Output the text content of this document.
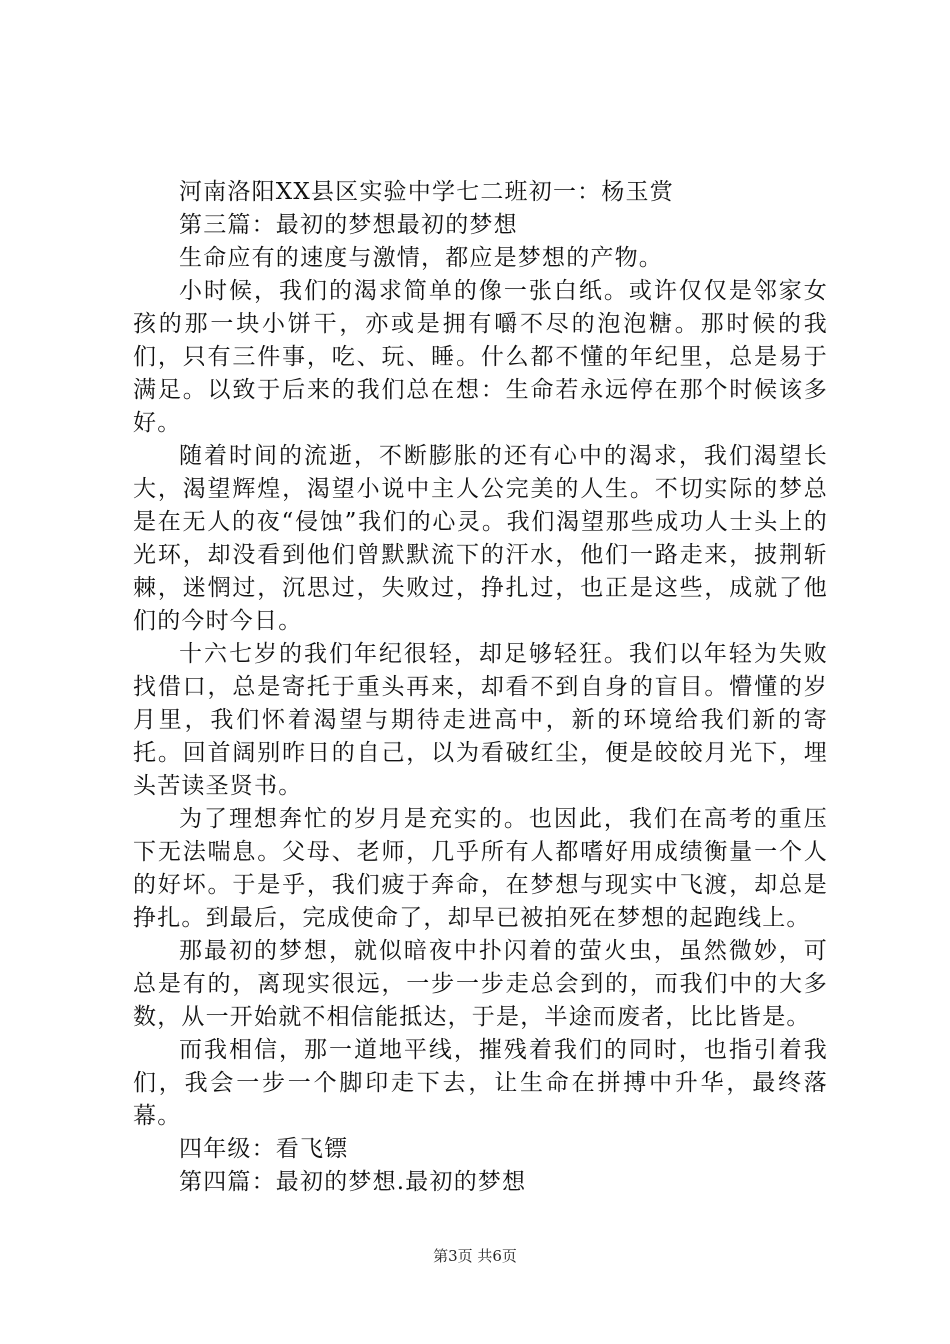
河南洛阳XX县区实验中学七二班初一：杨玉赏

第三篇：最初的梦想最初的梦想

生命应有的速度与激情，都应是梦想的产物。

小时候，我们的渴求简单的像一张白纸。或许仅仅是邻家女孩的那一块小饼干，亦或是拥有嚼不尽的泡泡糖。那时候的我们，只有三件事，吃、玩、睡。什么都不懂的年纪里，总是易于满足。以致于后来的我们总在想：生命若永远停在那个时候该多好。

随着时间的流逝，不断膨胀的还有心中的渴求，我们渴望长大，渴望辉煌，渴望小说中主人公完美的人生。不切实际的梦总是在无人的夜“侵蚀”我们的心灵。我们渴望那些成功人士头上的光环，却没看到他们曾默默流下的汗水，他们一路走来，披荆斩棘，迷惘过，沉思过，失败过，挣扎过，也正是这些，成就了他们的今时今日。

十六七岁的我们年纪很轻，却足够轻狂。我们以年轻为失败找借口，总是寄托于重头再来，却看不到自身的盲目。懵懂的岁月里，我们怀着渴望与期待走进高中，新的环境给我们新的寄托。回首阔别昨日的自己，以为看破红尘，便是皎皎月光下，埋头苦读圣贤书。

为了理想奔忙的岁月是充实的。也因此，我们在高考的重压下无法喘息。父母、老师，几乎所有人都嗜好用成绩衡量一个人的好坏。于是乎，我们疲于奔命，在梦想与现实中飞渡，却总是挣扎。到最后，完成使命了，却早已被拍死在梦想的起跑线上。

那最初的梦想，就似暗夜中扑闪着的萤火虫，虽然微妙，可总是有的，离现实很远，一步一步走总会到的，而我们中的大多数，从一开始就不相信能抵达，于是，半途而废者，比比皆是。

而我相信，那一道地平线，摧残着我们的同时，也指引着我们，我会一步一个脚印走下去，让生命在拼搏中升华，最终落幕。

四年级：看飞镖

第四篇：最初的梦想.最初的梦想

第3页 共6页
